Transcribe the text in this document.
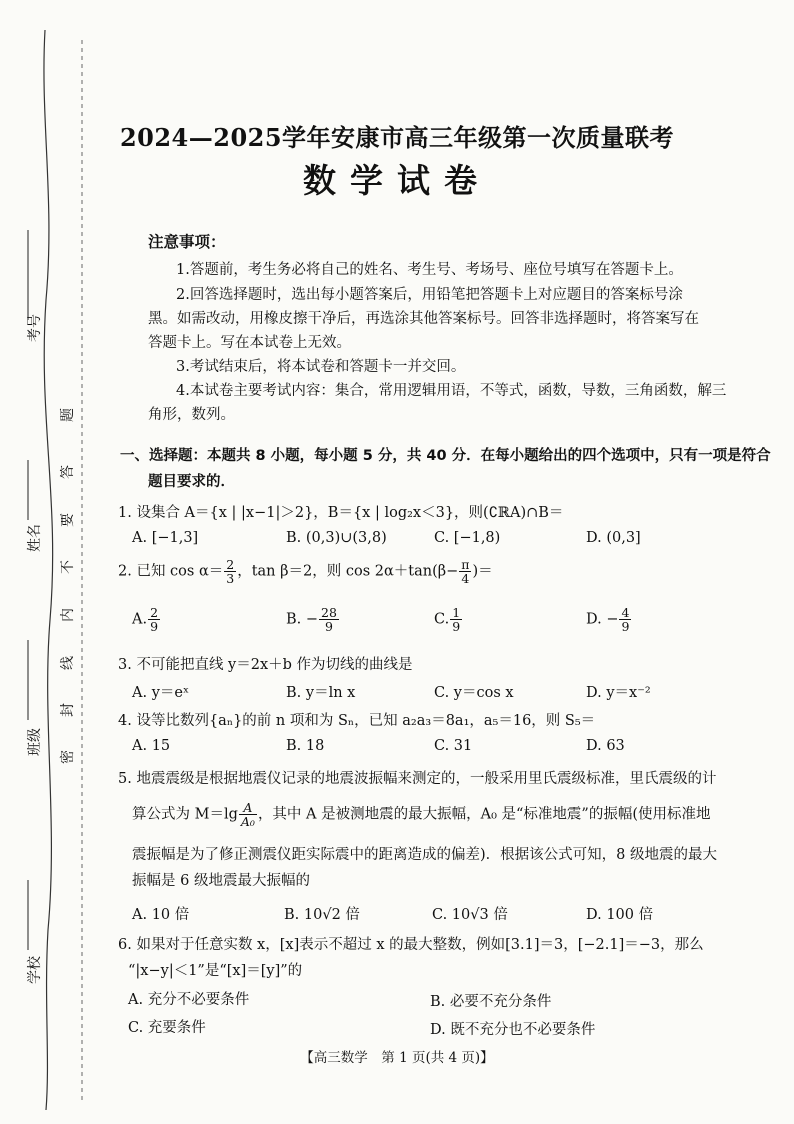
考号
姓名
班级
学校
题
答
要
不
内
线
封
密
2024—2025学年安康市高三年级第一次质量联考
数学试卷
注意事项：
1.答题前，考生务必将自己的姓名、考生号、考场号、座位号填写在答题卡上。
2.回答选择题时，选出每小题答案后，用铅笔把答题卡上对应题目的答案标号涂
黑。如需改动，用橡皮擦干净后，再选涂其他答案标号。回答非选择题时，将答案写在
答题卡上。写在本试卷上无效。
3.考试结束后，将本试卷和答题卡一并交回。
4.本试卷主要考试内容：集合，常用逻辑用语，不等式，函数，导数，三角函数，解三
角形，数列。
一、选择题：本题共 8 小题，每小题 5 分，共 40 分．在每小题给出的四个选项中，只有一项是符合
题目要求的．
1. 设集合 A＝{x | |x−1|＞2}，B＝{x | log₂x＜3}，则(∁ℝA)∩B＝
A. [−1,3]	B. (0,3)∪(3,8)	C. [−1,8)	D. (0,3]
2. 已知 $\cos \alpha= \frac{2}{3}$ ，tan β＝2，则 $\cos 2\alpha+\tan(\beta- \frac{\pi}{4}$ )＝
A. $\frac{2}{9}$	B. − $\frac{28}{9}$	C. $\frac{1}{9}$	D. − $\frac{4}{9}$
3. 不可能把直线 y＝2x＋b 作为切线的曲线是
A. y＝eˣ	B. y＝ln x	C. y＝cos x	D. y＝x⁻²
4. 设等比数列{aₙ}的前 n 项和为 Sₙ，已知 a₂a₃＝8a₁，a₅＝16，则 S₅＝
A. 15	B. 18	C. 31	D. 63
5. 地震震级是根据地震仪记录的地震波振幅来测定的，一般采用里氏震级标准，里氏震级的计
算公式为 $M=\lg \frac{A}{\text{A₀}}$ ，其中 A 是被测地震的最大振幅，A₀ 是“标准地震”的振幅(使用标准地
震振幅是为了修正测震仪距实际震中的距离造成的偏差)．根据该公式可知，8 级地震的最大
振幅是 6 级地震最大振幅的
A. 10 倍	B. 10√2 倍	C. 10√3 倍	D. 100 倍
6. 如果对于任意实数 x，[x]表示不超过 x 的最大整数，例如[3.1]＝3，[−2.1]＝−3，那么
“|x−y|＜1”是“[x]＝[y]”的
A. 充分不必要条件	B. 必要不充分条件
C. 充要条件	D. 既不充分也不必要条件
【高三数学　第 1 页(共 4 页)】
